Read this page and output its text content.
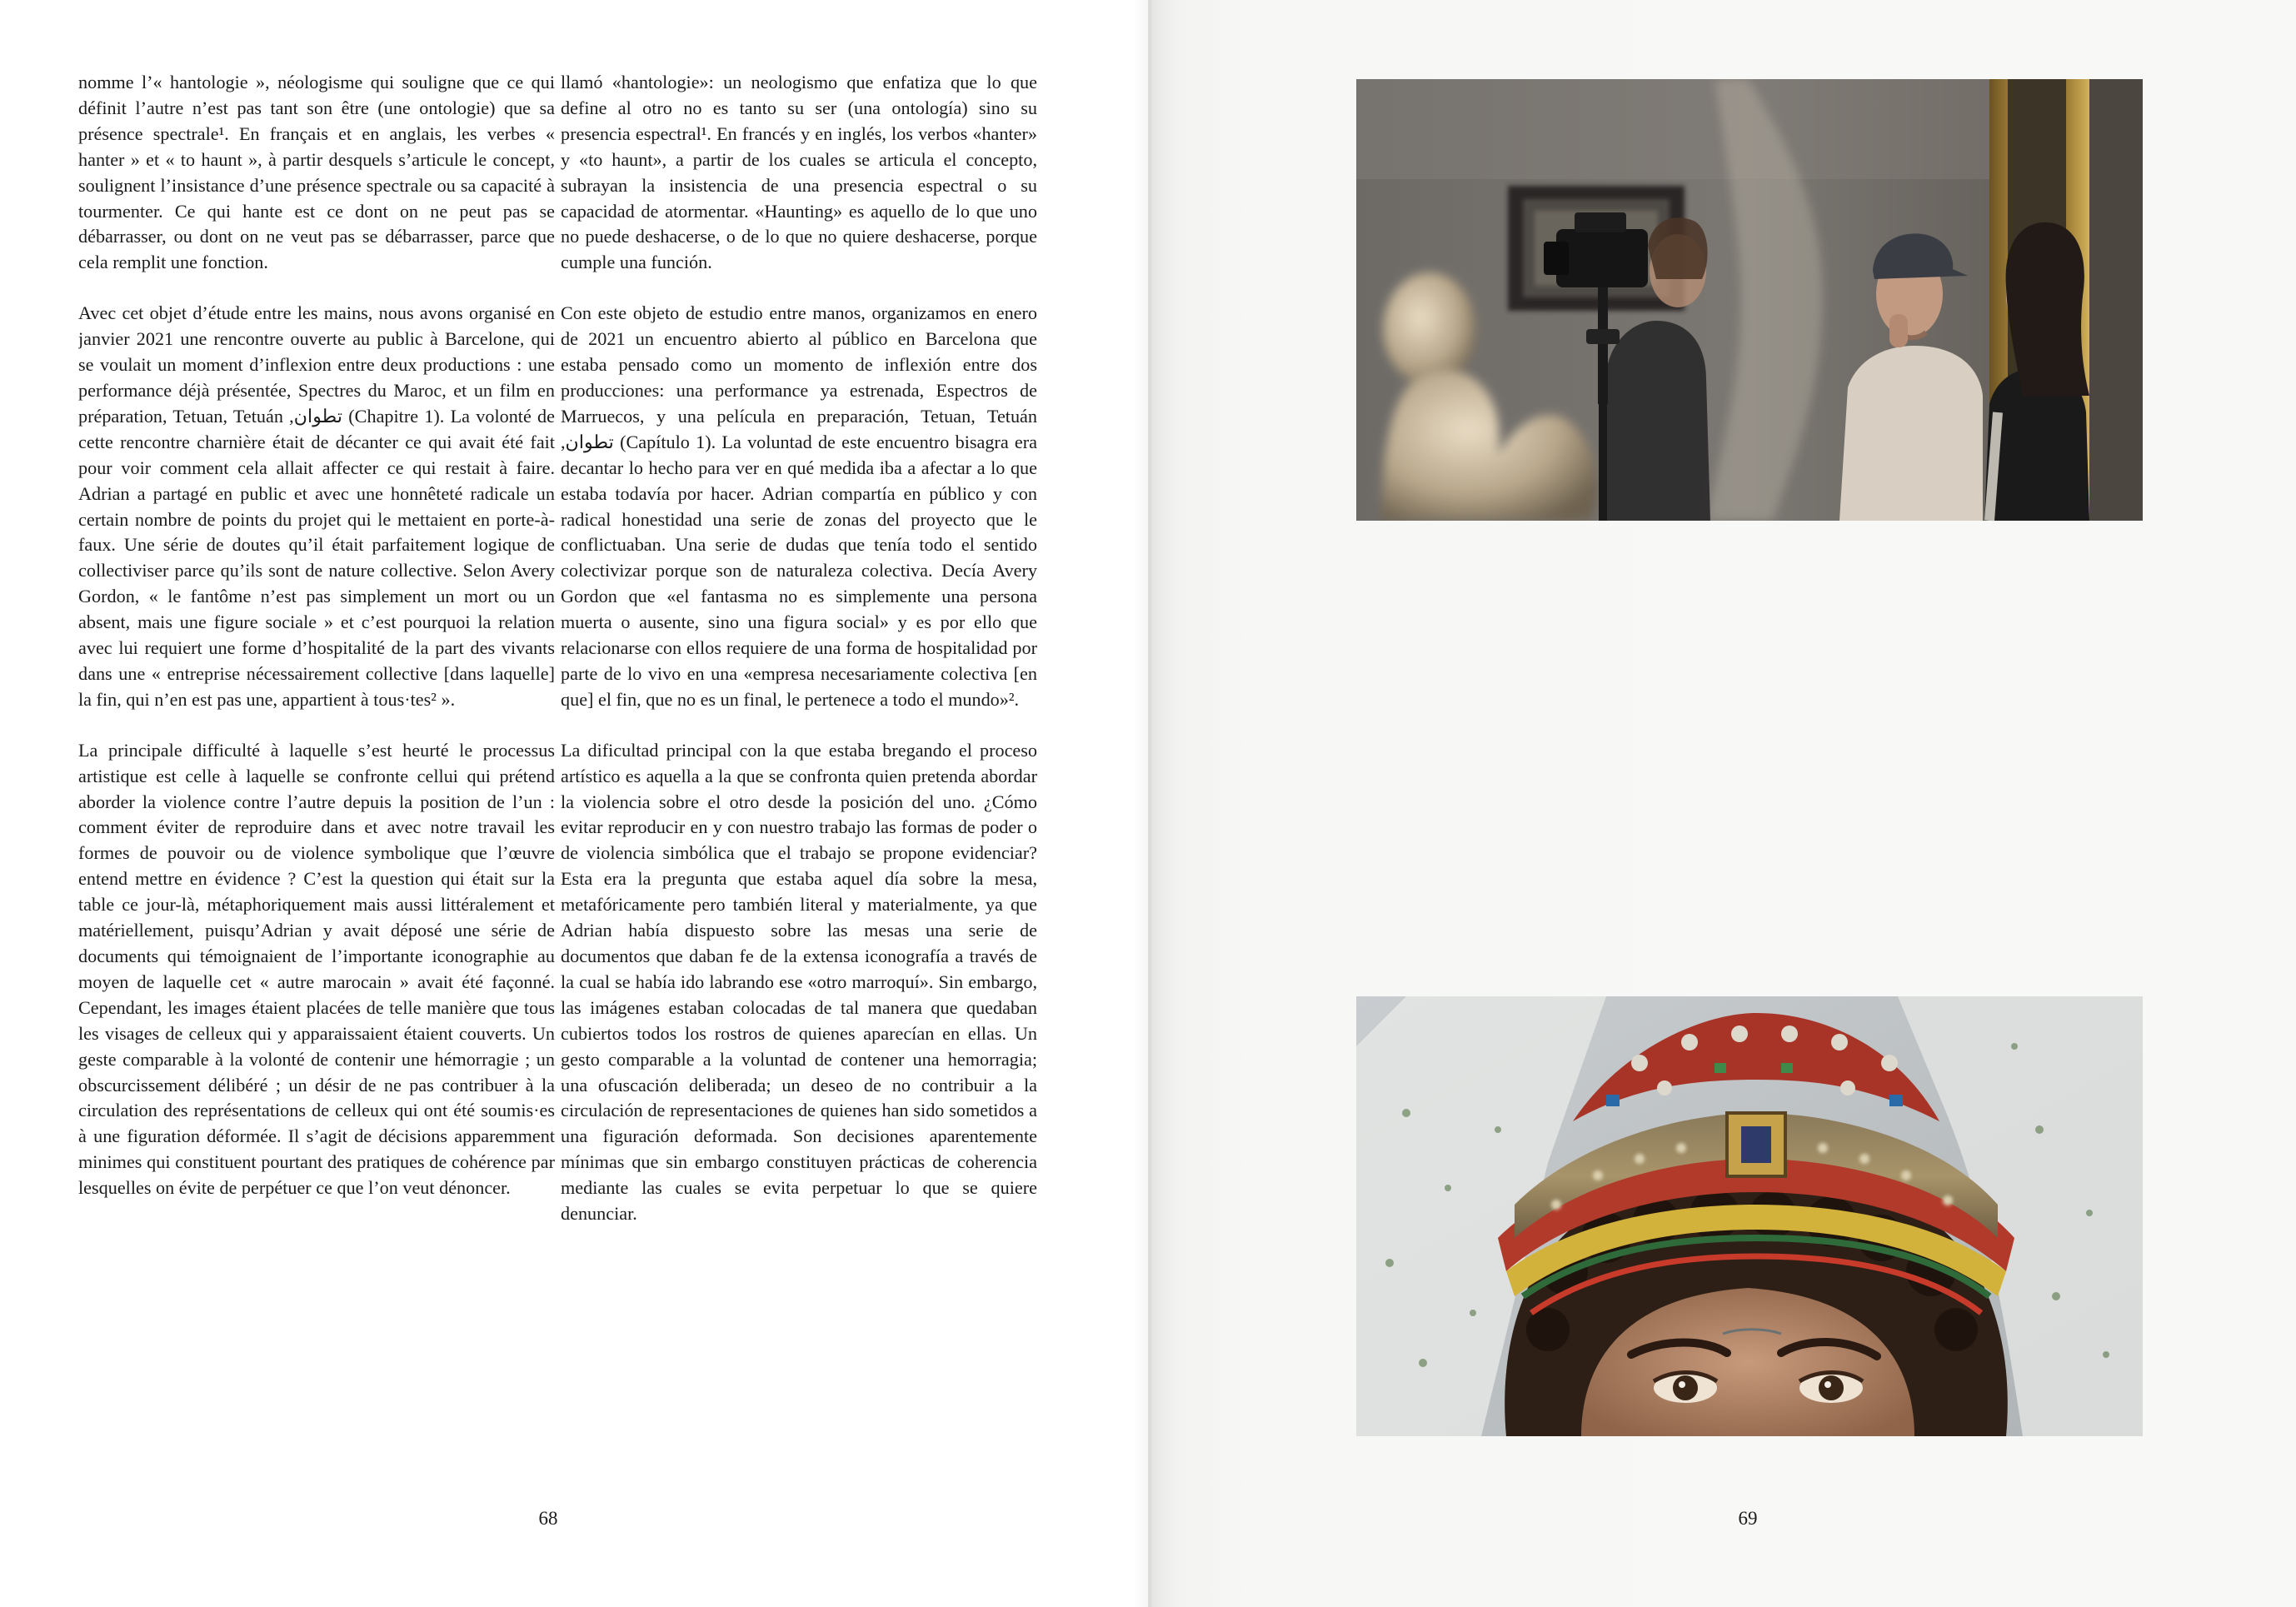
nomme l’« hantologie », néologisme qui souligne que ce qui définit l’autre n’est pas tant son être (une ontologie) que sa présence spectrale¹. En français et en anglais, les verbes « hanter » et « to haunt », à partir desquels s’articule le concept, soulignent l’insistance d’une présence spectrale ou sa capacité à tourmenter. Ce qui hante est ce dont on ne peut pas se débarrasser, ou dont on ne veut pas se débarrasser, parce que cela remplit une fonction.

Avec cet objet d’étude entre les mains, nous avons organisé en janvier 2021 une rencontre ouverte au public à Barcelone, qui se voulait un moment d’inflexion entre deux productions : une performance déjà présentée, Spectres du Maroc, et un film en préparation, Tetuan, Tetuán ,تطوان (Chapitre 1). La volonté de cette rencontre charnière était de décanter ce qui avait été fait pour voir comment cela allait affecter ce qui restait à faire. Adrian a partagé en public et avec une honnêteté radicale un certain nombre de points du projet qui le mettaient en porte-à-faux. Une série de doutes qu’il était parfaitement logique de collectiviser parce qu’ils sont de nature collective. Selon Avery Gordon, « le fantôme n’est pas simplement un mort ou un absent, mais une figure sociale » et c’est pourquoi la relation avec lui requiert une forme d’hospitalité de la part des vivants dans une « entreprise nécessairement collective [dans laquelle] la fin, qui n’en est pas une, appartient à tous·tes² ».

La principale difficulté à laquelle s’est heurté le processus artistique est celle à laquelle se confronte cellui qui prétend aborder la violence contre l’autre depuis la position de l’un : comment éviter de reproduire dans et avec notre travail les formes de pouvoir ou de violence symbolique que l’œuvre entend mettre en évidence ? C’est la question qui était sur la table ce jour-là, métaphoriquement mais aussi littéralement et matériellement, puisqu’Adrian y avait déposé une série de documents qui témoignaient de l’importante iconographie au moyen de laquelle cet « autre marocain » avait été façonné. Cependant, les images étaient placées de telle manière que tous les visages de celleux qui y apparaissaient étaient couverts. Un geste comparable à la volonté de contenir une hémorragie ; un obscurcissement délibéré ; un désir de ne pas contribuer à la circulation des représentations de celleux qui ont été soumis·es à une figuration déformée. Il s’agit de décisions apparemment minimes qui constituent pourtant des pratiques de cohérence par lesquelles on évite de perpétuer ce que l’on veut dénoncer.

llamó «hantologie»: un neologismo que enfatiza que lo que define al otro no es tanto su ser (una ontología) sino su presencia espectral¹. En francés y en inglés, los verbos «hanter» y «to haunt», a partir de los cuales se articula el concepto, subrayan la insistencia de una presencia espectral o su capacidad de atormentar. «Haunting» es aquello de lo que uno no puede deshacerse, o de lo que no quiere deshacerse, porque cumple una función.

Con este objeto de estudio entre manos, organizamos en enero de 2021 un encuentro abierto al público en Barcelona que estaba pensado como un momento de inflexión entre dos producciones: una performance ya estrenada, Espectros de Marruecos, y una película en preparación, Tetuan, Tetuán ,تطوان (Capítulo 1). La voluntad de este encuentro bisagra era decantar lo hecho para ver en qué medida iba a afectar a lo que estaba todavía por hacer. Adrian compartía en público y con radical honestidad una serie de zonas del proyecto que le conflictuaban. Una serie de dudas que tenía todo el sentido colectivizar porque son de naturaleza colectiva. Decía Avery Gordon que «el fantasma no es simplemente una persona muerta o ausente, sino una figura social» y es por ello que relacionarse con ellos requiere de una forma de hospitalidad por parte de lo vivo en una «empresa necesariamente colectiva [en que] el fin, que no es un final, le pertenece a todo el mundo»².

La dificultad principal con la que estaba bregando el proceso artístico es aquella a la que se confronta quien pretenda abordar la violencia sobre el otro desde la posición del uno. ¿Cómo evitar reproducir en y con nuestro trabajo las formas de poder o de violencia simbólica que el trabajo se propone evidenciar? Esta era la pregunta que estaba aquel día sobre la mesa, metafóricamente pero también literal y materialmente, ya que Adrian había dispuesto sobre las mesas una serie de documentos que daban fe de la extensa iconografía a través de la cual se había ido labrando ese «otro marroquí». Sin embargo, las imágenes estaban colocadas de tal manera que quedaban cubiertos todos los rostros de quienes aparecían en ellas. Un gesto comparable a la voluntad de contener una hemorragia; una ofuscación deliberada; un deseo de no contribuir a la circulación de representaciones de quienes han sido sometidos a una figuración deformada. Son decisiones aparentemente mínimas que sin embargo constituyen prácticas de coherencia mediante las cuales se evita perpetuar lo que se quiere denunciar.

68	69
